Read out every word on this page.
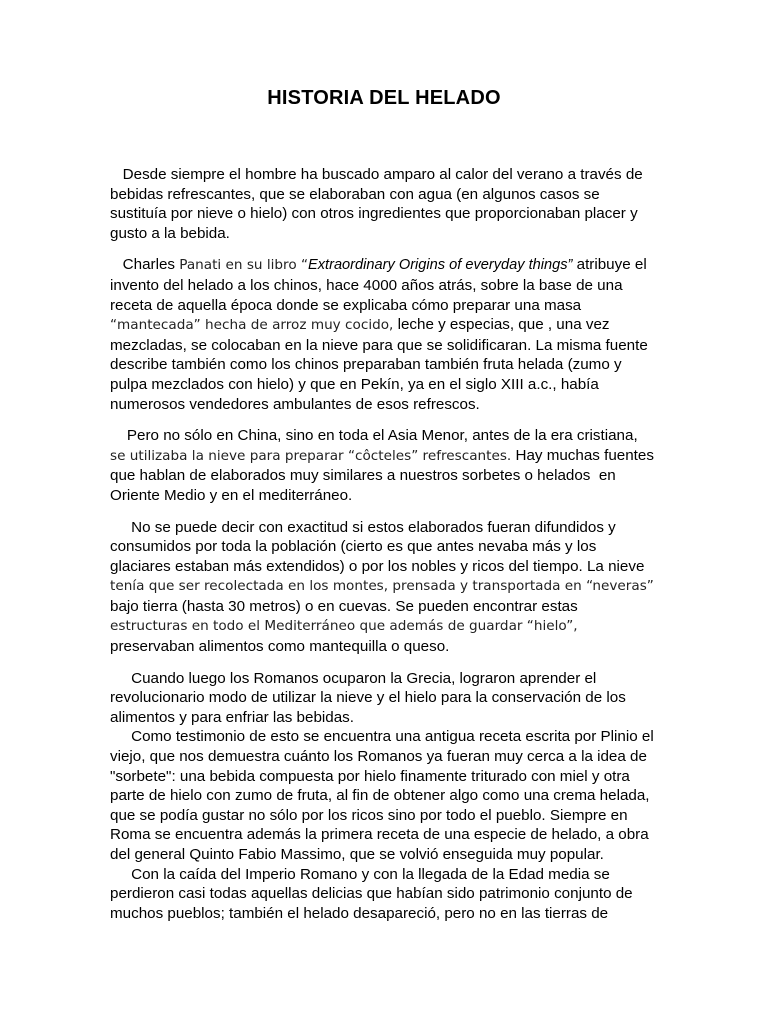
HISTORIA DEL HELADO

Desde siempre el hombre ha buscado amparo al calor del verano a través de bebidas refrescantes, que se elaboraban con agua (en algunos casos se sustituía por nieve o hielo) con otros ingredientes que proporcionaban placer y gusto a la bebida.

Charles Panati en su libro “Extraordinary Origins of everyday things” atribuye el invento del helado a los chinos, hace 4000 años atrás, sobre la base de una receta de aquella época donde se explicaba cómo preparar una masa “mantecada” hecha de arroz muy cocido, leche y especias, que , una vez mezcladas, se colocaban en la nieve para que se solidificaran. La misma fuente describe también como los chinos preparaban también fruta helada (zumo y pulpa mezclados con hielo) y que en Pekín, ya en el siglo XIII a.c., había numerosos vendedores ambulantes de esos refrescos.

Pero no sólo en China, sino en toda el Asia Menor, antes de la era cristiana, se utilizaba la nieve para preparar “côcteles” refrescantes. Hay muchas fuentes que hablan de elaborados muy similares a nuestros sorbetes o helados  en Oriente Medio y en el mediterráneo.

No se puede decir con exactitud si estos elaborados fueran difundidos y consumidos por toda la población (cierto es que antes nevaba más y los glaciares estaban más extendidos) o por los nobles y ricos del tiempo. La nieve tenía que ser recolectada en los montes, prensada y transportada en “neveras” bajo tierra (hasta 30 metros) o en cuevas. Se pueden encontrar estas estructuras en todo el Mediterráneo que además de guardar “hielo”, preservaban alimentos como mantequilla o queso.

Cuando luego los Romanos ocuparon la Grecia, lograron aprender el revolucionario modo de utilizar la nieve y el hielo para la conservación de los alimentos y para enfriar las bebidas.

Como testimonio de esto se encuentra una antigua receta escrita por Plinio el viejo, que nos demuestra cuánto los Romanos ya fueran muy cerca a la idea de "sorbete": una bebida compuesta por hielo finamente triturado con miel y otra parte de hielo con zumo de fruta, al fin de obtener algo como una crema helada, que se podía gustar no sólo por los ricos sino por todo el pueblo. Siempre en Roma se encuentra además la primera receta de una especie de helado, a obra del general Quinto Fabio Massimo, que se volvió enseguida muy popular.

Con la caída del Imperio Romano y con la llegada de la Edad media se perdieron casi todas aquellas delicias que habían sido patrimonio conjunto de muchos pueblos; también el helado desapareció, pero no en las tierras de
